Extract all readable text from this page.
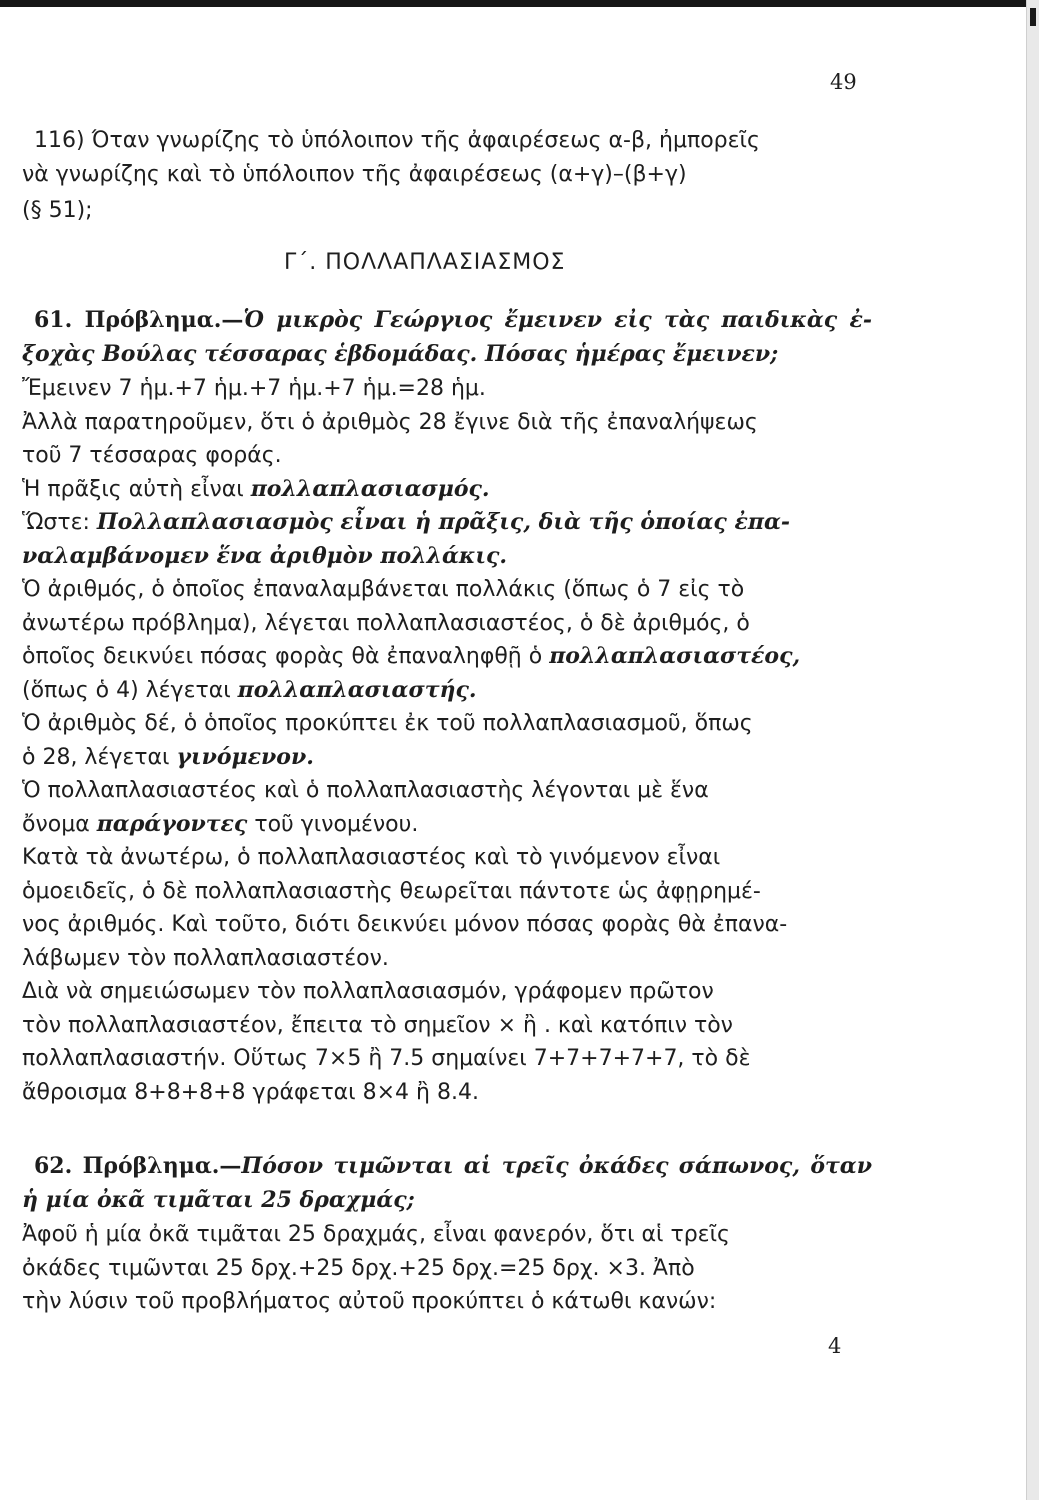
49
116) Όταν γνωρίζης τὸ ὑπόλοιπον τῆς ἀφαιρέσεως α-β, ἠμπορεῖς
νὰ γνωρίζης καὶ τὸ ὑπόλοιπον τῆς ἀφαιρέσεως (α+γ)–(β+γ)
(§ 51);
Γ΄. ΠΟΛΛΑΠΛΑΣΙΑΣΜΟΣ
61. Πρόβλημα.—Ὁ μικρὸς Γεώργιος ἔμεινεν εἰς τὰς παιδικὰς ἐ-
ξοχὰς Βούλας τέσσαρας ἑβδομάδας. Πόσας ἡμέρας ἔμεινεν;
Ἔμεινεν 7 ἡμ.+7 ἡμ.+7 ἡμ.+7 ἡμ.=28 ἡμ.
Ἀλλὰ παρατηροῦμεν, ὅτι ὁ ἀριθμὸς 28 ἔγινε διὰ τῆς ἐπαναλήψεως
τοῦ 7 τέσσαρας φοράς.
Ἡ πρᾶξις αὐτὴ εἶναι πολλαπλασιασμός.
Ὥστε: Πολλαπλασιασμὸς εἶναι ἡ πρᾶξις, διὰ τῆς ὁποίας ἐπα-
ναλαμβάνομεν ἕνα ἀριθμὸν πολλάκις.
Ὁ ἀριθμός, ὁ ὁποῖος ἐπαναλαμβάνεται πολλάκις (ὅπως ὁ 7 εἰς τὸ
ἀνωτέρω πρόβλημα), λέγεται πολλαπλασιαστέος, ὁ δὲ ἀριθμός, ὁ
ὁποῖος δεικνύει πόσας φορὰς θὰ ἐπαναληφθῇ ὁ πολλαπλασιαστέος,
(ὅπως ὁ 4) λέγεται πολλαπλασιαστής.
Ὁ ἀριθμὸς δέ, ὁ ὁποῖος προκύπτει ἐκ τοῦ πολλαπλασιασμοῦ, ὅπως
ὁ 28, λέγεται γινόμενον.
Ὁ πολλαπλασιαστέος καὶ ὁ πολλαπλασιαστὴς λέγονται μὲ ἕνα
ὄνομα παράγοντες τοῦ γινομένου.
Κατὰ τὰ ἀνωτέρω, ὁ πολλαπλασιαστέος καὶ τὸ γινόμενον εἶναι
ὁμοειδεῖς, ὁ δὲ πολλαπλασιαστὴς θεωρεῖται πάντοτε ὡς ἀφῃρημέ-
νος ἀριθμός. Καὶ τοῦτο, διότι δεικνύει μόνον πόσας φορὰς θὰ ἐπανα-
λάβωμεν τὸν πολλαπλασιαστέον.
Διὰ νὰ σημειώσωμεν τὸν πολλαπλασιασμόν, γράφομεν πρῶτον
τὸν πολλαπλασιαστέον, ἔπειτα τὸ σημεῖον × ἢ . καὶ κατόπιν τὸν
πολλαπλασιαστήν. Οὕτως 7×5 ἢ 7.5 σημαίνει 7+7+7+7+7, τὸ δὲ
ἄθροισμα 8+8+8+8 γράφεται 8×4 ἢ 8.4.
62. Πρόβλημα.—Πόσον τιμῶνται αἱ τρεῖς ὀκάδες σάπωνος, ὅταν
ἡ μία ὀκᾶ τιμᾶται 25 δραχμάς;
Ἀφοῦ ἡ μία ὀκᾶ τιμᾶται 25 δραχμάς, εἶναι φανερόν, ὅτι αἱ τρεῖς
ὀκάδες τιμῶνται 25 δρχ.+25 δρχ.+25 δρχ.=25 δρχ. ×3. Ἀπὸ
τὴν λύσιν τοῦ προβλήματος αὐτοῦ προκύπτει ὁ κάτωθι κανών:
4
